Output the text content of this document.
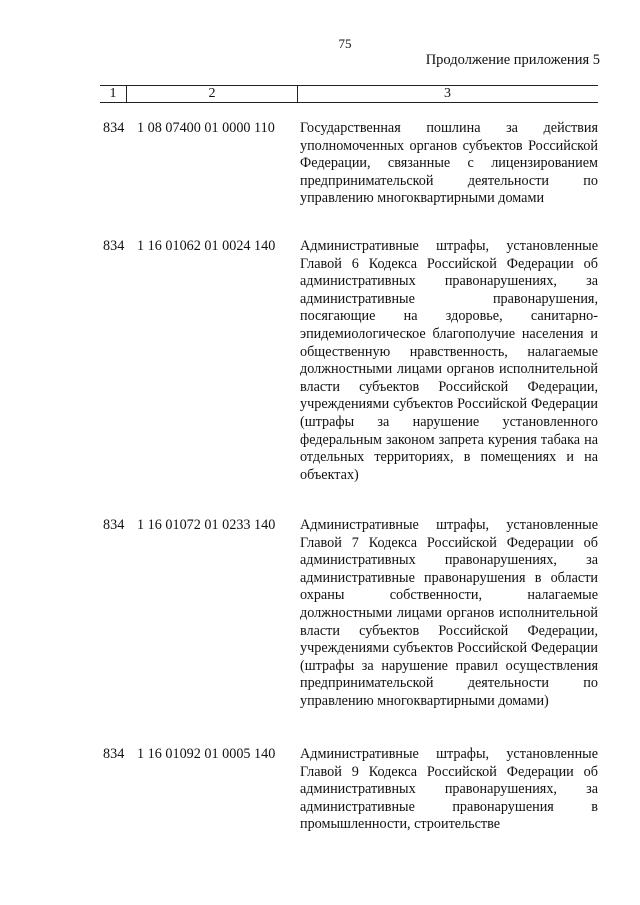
75
Продолжение приложения 5
1	2	3
834 1 08 07400 01 0000 110 Государственная пошлина за действия уполномоченных органов субъектов Российской Федерации, связанные с лицензированием предпринимательской деятельности по управлению многоквартирными домами
834 1 16 01062 01 0024 140 Административные штрафы, установленные Главой 6 Кодекса Российской Федерации об административных правонарушениях, за административные правонарушения, посягающие на здоровье, санитарно-эпидемиологическое благополучие населения и общественную нравственность, налагаемые должностными лицами органов исполнительной власти субъектов Российской Федерации, учреждениями субъектов Российской Федерации (штрафы за нарушение установленного федеральным законом запрета курения табака на отдельных территориях, в помещениях и на объектах)
834 1 16 01072 01 0233 140 Административные штрафы, установленные Главой 7 Кодекса Российской Федерации об административных правонарушениях, за административные правонарушения в области охраны собственности, налагаемые должностными лицами органов исполнительной власти субъектов Российской Федерации, учреждениями субъектов Российской Федерации (штрафы за нарушение правил осуществления предпринимательской деятельности по управлению многоквартирными домами)
834 1 16 01092 01 0005 140 Административные штрафы, установленные Главой 9 Кодекса Российской Федерации об административных правонарушениях, за административные правонарушения в промышленности, строительстве
